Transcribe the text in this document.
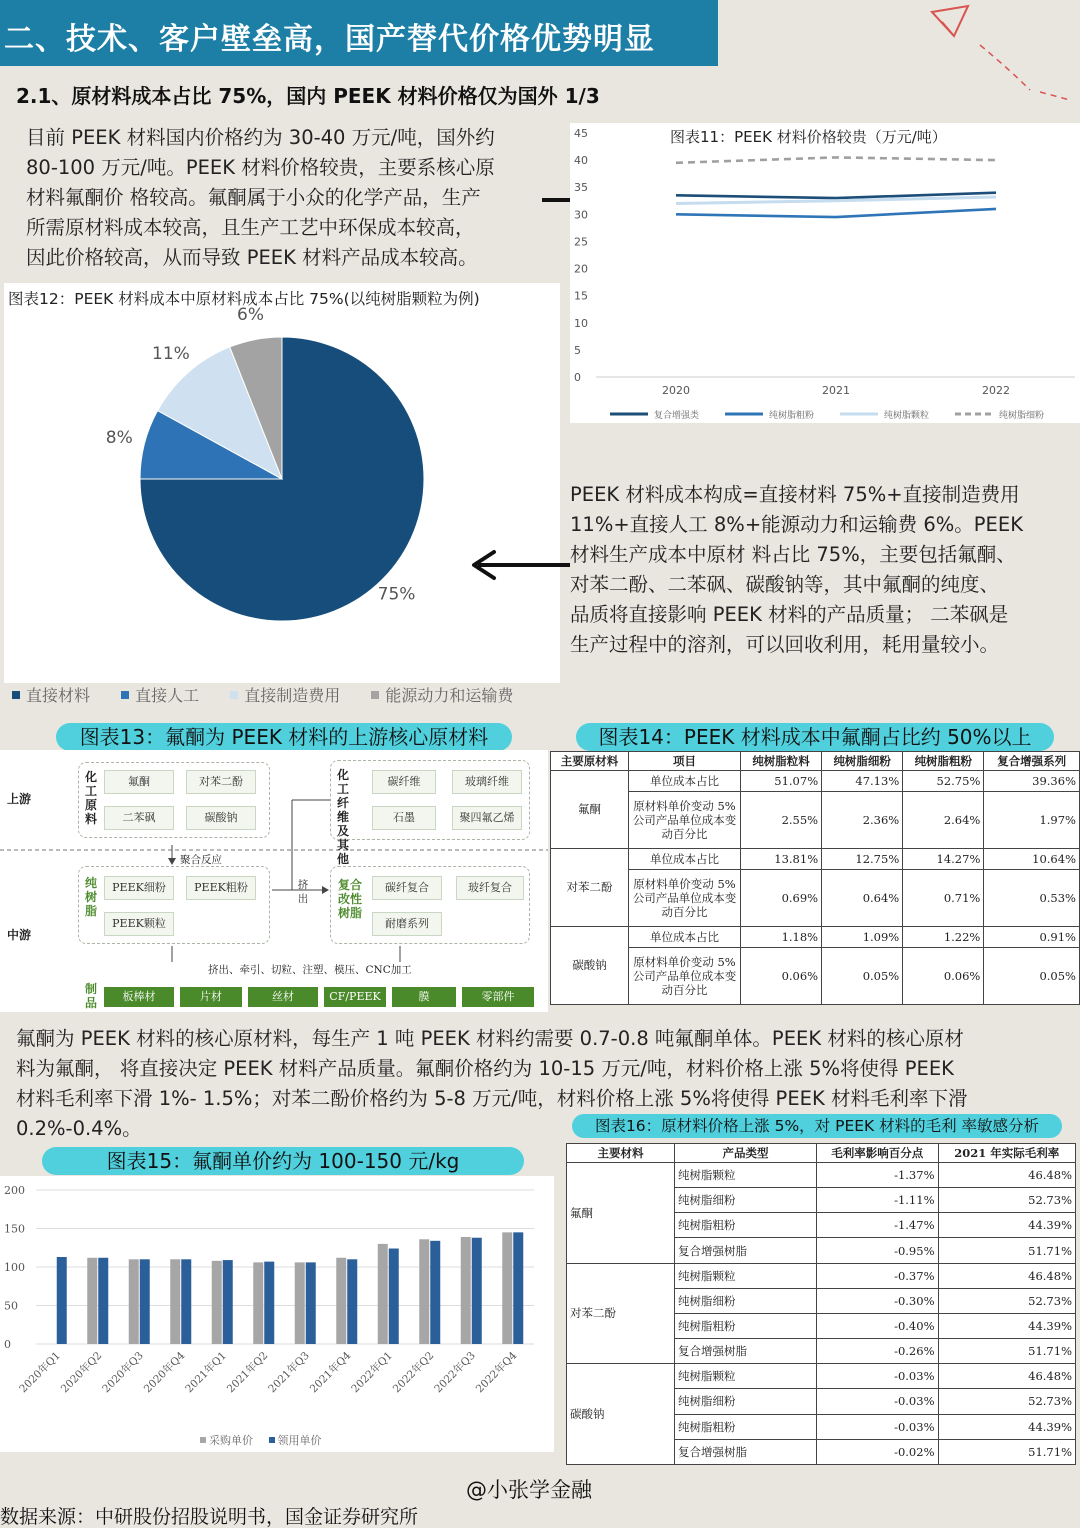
二、技术、客户壁垒高，国产替代价格优势明显
2.1、原材料成本占比 75%，国内 PEEK 材料价格仅为国外 1/3
目前 PEEK 材料国内价格约为 30-40 万元/吨，国外约
80-100 万元/吨。PEEK 材料价格较贵，主要系核心原
材料氟酮价 格较高。氟酮属于小众的化学产品，生产
所需原材料成本较高，且生产工艺中环保成本较高，
因此价格较高，从而导致 PEEK 材料产品成本较高。
0
5
10
15
20
25
30
35
40
45
2020	2021	2022
复合增强类	纯树脂粗粉	纯树脂颗粒	纯树脂细粉
图表11：PEEK 材料价格较贵（万元/吨）
图表12：PEEK 材料成本中原材料成本占比 75%(以纯树脂颗粒为例)
75%
8%
11%
6%
直接材料
	直接人工
	直接制造费用
	能源动力和运输费
PEEK 材料成本构成=直接材料 75%+直接制造费用
11%+直接人工 8%+能源动力和运输费 6%。PEEK
材料生产成本中原材 料占比 75%，主要包括氟酮、
对苯二酚、二苯砜、碳酸钠等，其中氟酮的纯度、
品质将直接影响 PEEK 材料的产品质量； 二苯砜是
生产过程中的溶剂，可以回收利用，耗用量较小。
图表13：氟酮为 PEEK 材料的上游核心原材料
上游
中游
化工原料
氟酮	对苯二酚
二苯砜	碳酸钠
化工纤维及其他
碳纤维	玻璃纤维
石墨	聚四氟乙烯
聚合反应
纯树脂
PEEK细粉	PEEK粗粉
PEEK颗粒
挤出
复合改性树脂
碳纤复合	玻纤复合
耐磨系列
挤出、牵引、切粒、注塑、模压、CNC加工
制品	板棒材	片材	丝材	CF/PEEK	膜	零部件
图表14：PEEK 材料成本中氟酮占比约 50%以上
主要原材料	项目	纯树脂粒料	纯树脂细粉	纯树脂粗粉	复合增强系列
氟酮	单位成本占比	51.07%	47.13%	52.75%	39.36%
	原材料单价变动 5%公司产品单位成本变动百分比	2.55%	2.36%	2.64%	1.97%
对苯二酚	单位成本占比	13.81%	12.75%	14.27%	10.64%
	原材料单价变动 5%公司产品单位成本变动百分比	0.69%	0.64%	0.71%	0.53%
碳酸钠	单位成本占比	1.18%	1.09%	1.22%	0.91%
	原材料单价变动 5%公司产品单位成本变动百分比	0.06%	0.05%	0.06%	0.05%
氟酮为 PEEK 材料的核心原材料，每生产 1 吨 PEEK 材料约需要 0.7-0.8 吨氟酮单体。PEEK 材料的核心原材
料为氟酮， 将直接决定 PEEK 材料产品质量。氟酮价格约为 10-15 万元/吨，材料价格上涨 5%将使得 PEEK
材料毛利率下滑 1%- 1.5%；对苯二酚价格约为 5-8 万元/吨，材料价格上涨 5%将使得 PEEK 材料毛利率下滑
0.2%-0.4%。	图表16：原材料价格上涨 5%，对 PEEK 材料的毛利 率敏感分析
主要材料	产品类型	毛利率影响百分点	2021 年实际毛利率
氟酮	纯树脂颗粒	-1.37%	46.48%
	纯树脂细粉	-1.11%	52.73%
	纯树脂粗粉	-1.47%	44.39%
	复合增强树脂	-0.95%	51.71%
对苯二酚	纯树脂颗粒	-0.37%	46.48%
	纯树脂细粉	-0.30%	52.73%
	纯树脂粗粉	-0.40%	44.39%
	复合增强树脂	-0.26%	51.71%
碳酸钠	纯树脂颗粒	-0.03%	46.48%
	纯树脂细粉	-0.03%	52.73%
	纯树脂粗粉	-0.03%	44.39%
	复合增强树脂	-0.02%	51.71%
图表15：氟酮单价约为 100-150 元/kg
0
50
100
150
200
2020年Q1
2020年Q2
2020年Q3
2020年Q4
2021年Q1
2021年Q2
2021年Q3
2021年Q4
2022年Q1
2022年Q2
2022年Q3
2022年Q4
采购单价
领用单价
@小张学金融
数据来源：中研股份招股说明书，国金证券研究所
